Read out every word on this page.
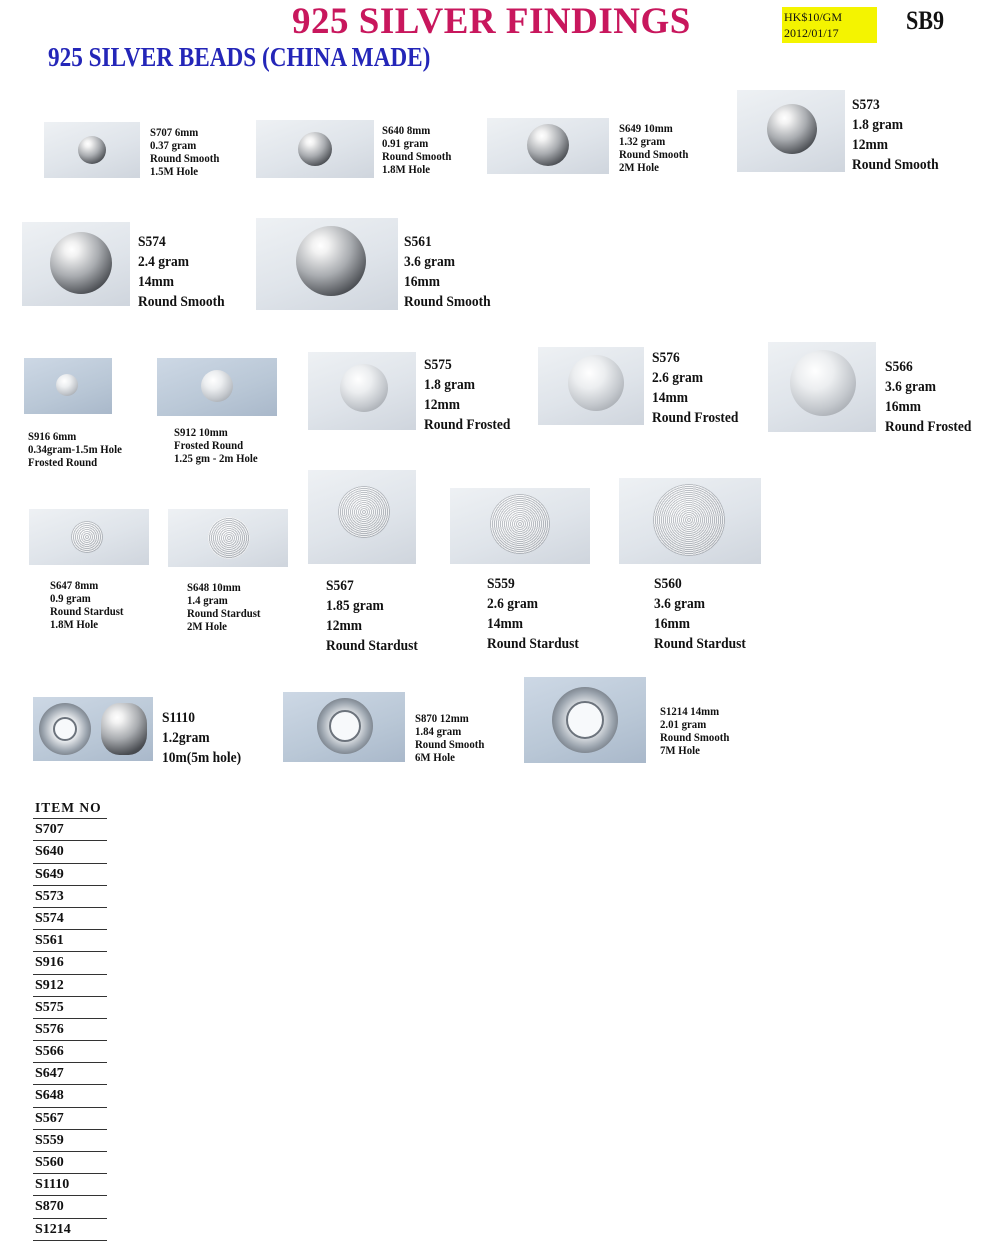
925 SILVER FINDINGS
925 SILVER BEADS (CHINA MADE)
HK$10/GM
2012/01/17	SB9
S707 6mm
0.37 gram
Round Smooth
1.5M Hole
S640 8mm
0.91 gram
Round Smooth
1.8M Hole
S649 10mm
1.32 gram
Round Smooth
2M Hole
S573
1.8 gram
12mm
Round Smooth
S574
2.4 gram
14mm
Round Smooth
S561
3.6 gram
16mm
Round Smooth
S916 6mm
0.34gram-1.5m Hole
Frosted Round
S912 10mm
Frosted Round
1.25 gm - 2m Hole
S575
1.8 gram
12mm
Round Frosted
S576
2.6 gram
14mm
Round Frosted
S566
3.6 gram
16mm
Round Frosted
S647 8mm
0.9 gram
Round Stardust
1.8M Hole
S648 10mm
1.4 gram
Round Stardust
2M Hole
S567
1.85 gram
12mm
Round Stardust
S559
2.6 gram
14mm
Round Stardust
S560
3.6 gram
16mm
Round Stardust
S1110
1.2gram
10m(5m hole)
S870 12mm
1.84 gram
Round Smooth
6M Hole
S1214 14mm
2.01 gram
Round Smooth
7M Hole
ITEM NO
S707
S640
S649
S573
S574
S561
S916
S912
S575
S576
S566
S647
S648
S567
S559
S560
S1110
S870
S1214
